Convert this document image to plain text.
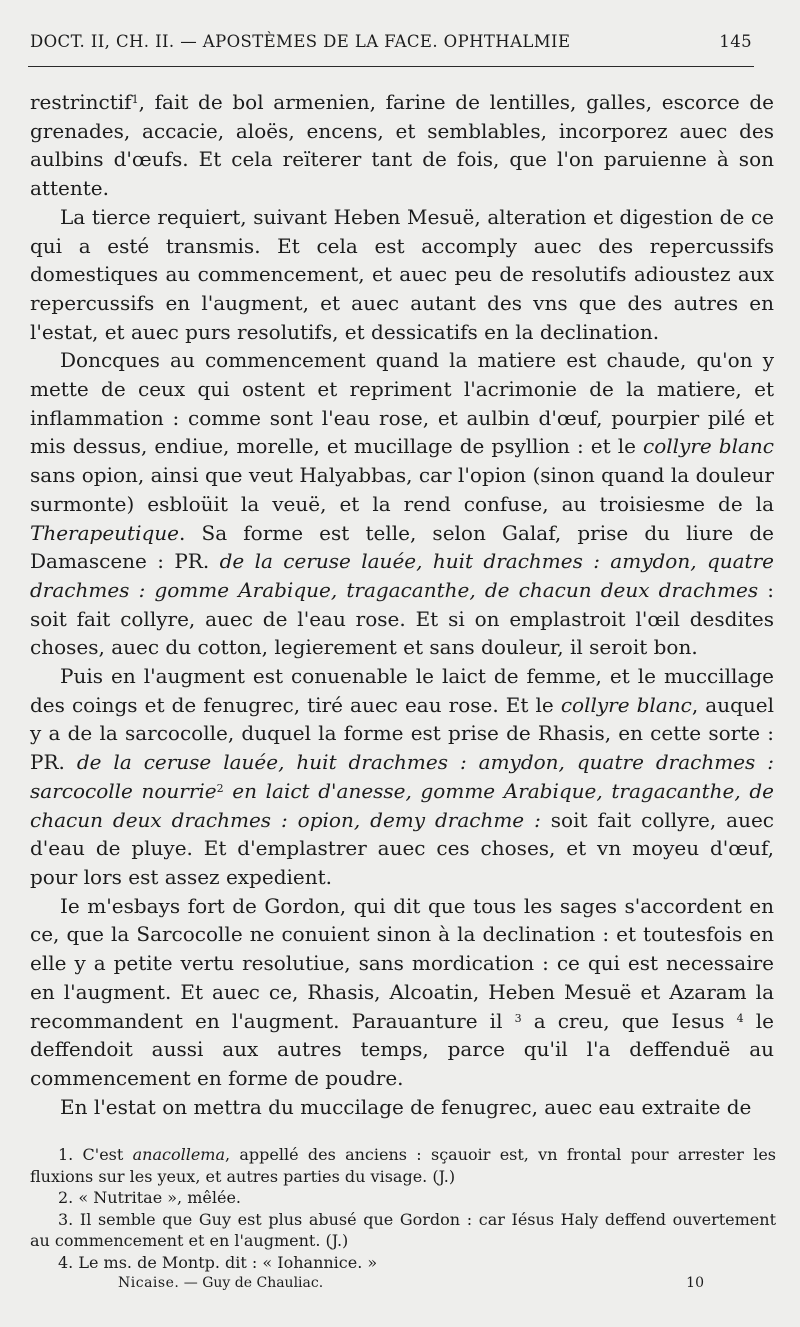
DOCT. II, CH. II. — APOSTÈMES DE LA FACE. OPHTHALMIE	145

restrinctif$^1$, fait de bol armenien, farine de lentilles, galles, escorce de grenades, accacie, aloës, encens, et semblables, incorporez auec des aulbins d'œufs. Et cela reïterer tant de fois, que l'on paruienne à son attente.

La tierce requiert, suivant Heben Mesuë, alteration et digestion de ce qui a esté transmis. Et cela est accomply auec des repercussifs domestiques au commencement, et auec peu de resolutifs adioustez aux repercussifs en l'augment, et auec autant des vns que des autres en l'estat, et auec purs resolutifs, et dessicatifs en la declination.

Doncques au commencement quand la matiere est chaude, qu'on y mette de ceux qui ostent et repriment l'acrimonie de la matiere, et inflammation : comme sont l'eau rose, et aulbin d'œuf, pourpier pilé et mis dessus, endiue, morelle, et mucillage de psyllion : et le collyre blanc sans opion, ainsi que veut Halyabbas, car l'opion (sinon quand la douleur surmonte) esbloüit la veuë, et la rend confuse, au troisiesme de la Therapeutique. Sa forme est telle, selon Galaf, prise du liure de Damascene : PR. de la ceruse lauée, huit drachmes : amydon, quatre drachmes : gomme Arabique, tragacanthe, de chacun deux drachmes : soit fait collyre, auec de l'eau rose. Et si on emplastroit l'œil desdites choses, auec du cotton, legierement et sans douleur, il seroit bon.

Puis en l'augment est conuenable le laict de femme, et le muccillage des coings et de fenugrec, tiré auec eau rose. Et le collyre blanc, auquel y a de la sarcocolle, duquel la forme est prise de Rhasis, en cette sorte : PR. de la ceruse lauée, huit drachmes : amydon, quatre drachmes : sarcocolle nourrie$^2$ en laict d'anesse, gomme Arabique, tragacanthe, de chacun deux drachmes : opion, demy drachme : soit fait collyre, auec d'eau de pluye. Et d'emplastrer auec ces choses, et vn moyeu d'œuf, pour lors est assez expedient.

Ie m'esbays fort de Gordon, qui dit que tous les sages s'accordent en ce, que la Sarcocolle ne conuient sinon à la declination : et toutesfois en elle y a petite vertu resolutiue, sans mordication : ce qui est necessaire en l'augment. Et auec ce, Rhasis, Alcoatin, Heben Mesuë et Azaram la recommandent en l'augment. Parauanture il $^3$ a creu, que Iesus $^4$ le deffendoit aussi aux autres temps, parce qu'il l'a deffenduë au commencement en forme de poudre.

En l'estat on mettra du muccilage de fenugrec, auec eau extraite de

1. C'est anacollema, appellé des anciens : sçauoir est, vn frontal pour arrester les fluxions sur les yeux, et autres parties du visage. (J.)

2. « Nutritae », mêlée.

3. Il semble que Guy est plus abusé que Gordon : car Iésus Haly deffend ouvertement au commencement et en l'augment. (J.)

4. Le ms. de Montp. dit : « Iohannice. »

Nicaise. — Guy de Chauliac.	10
